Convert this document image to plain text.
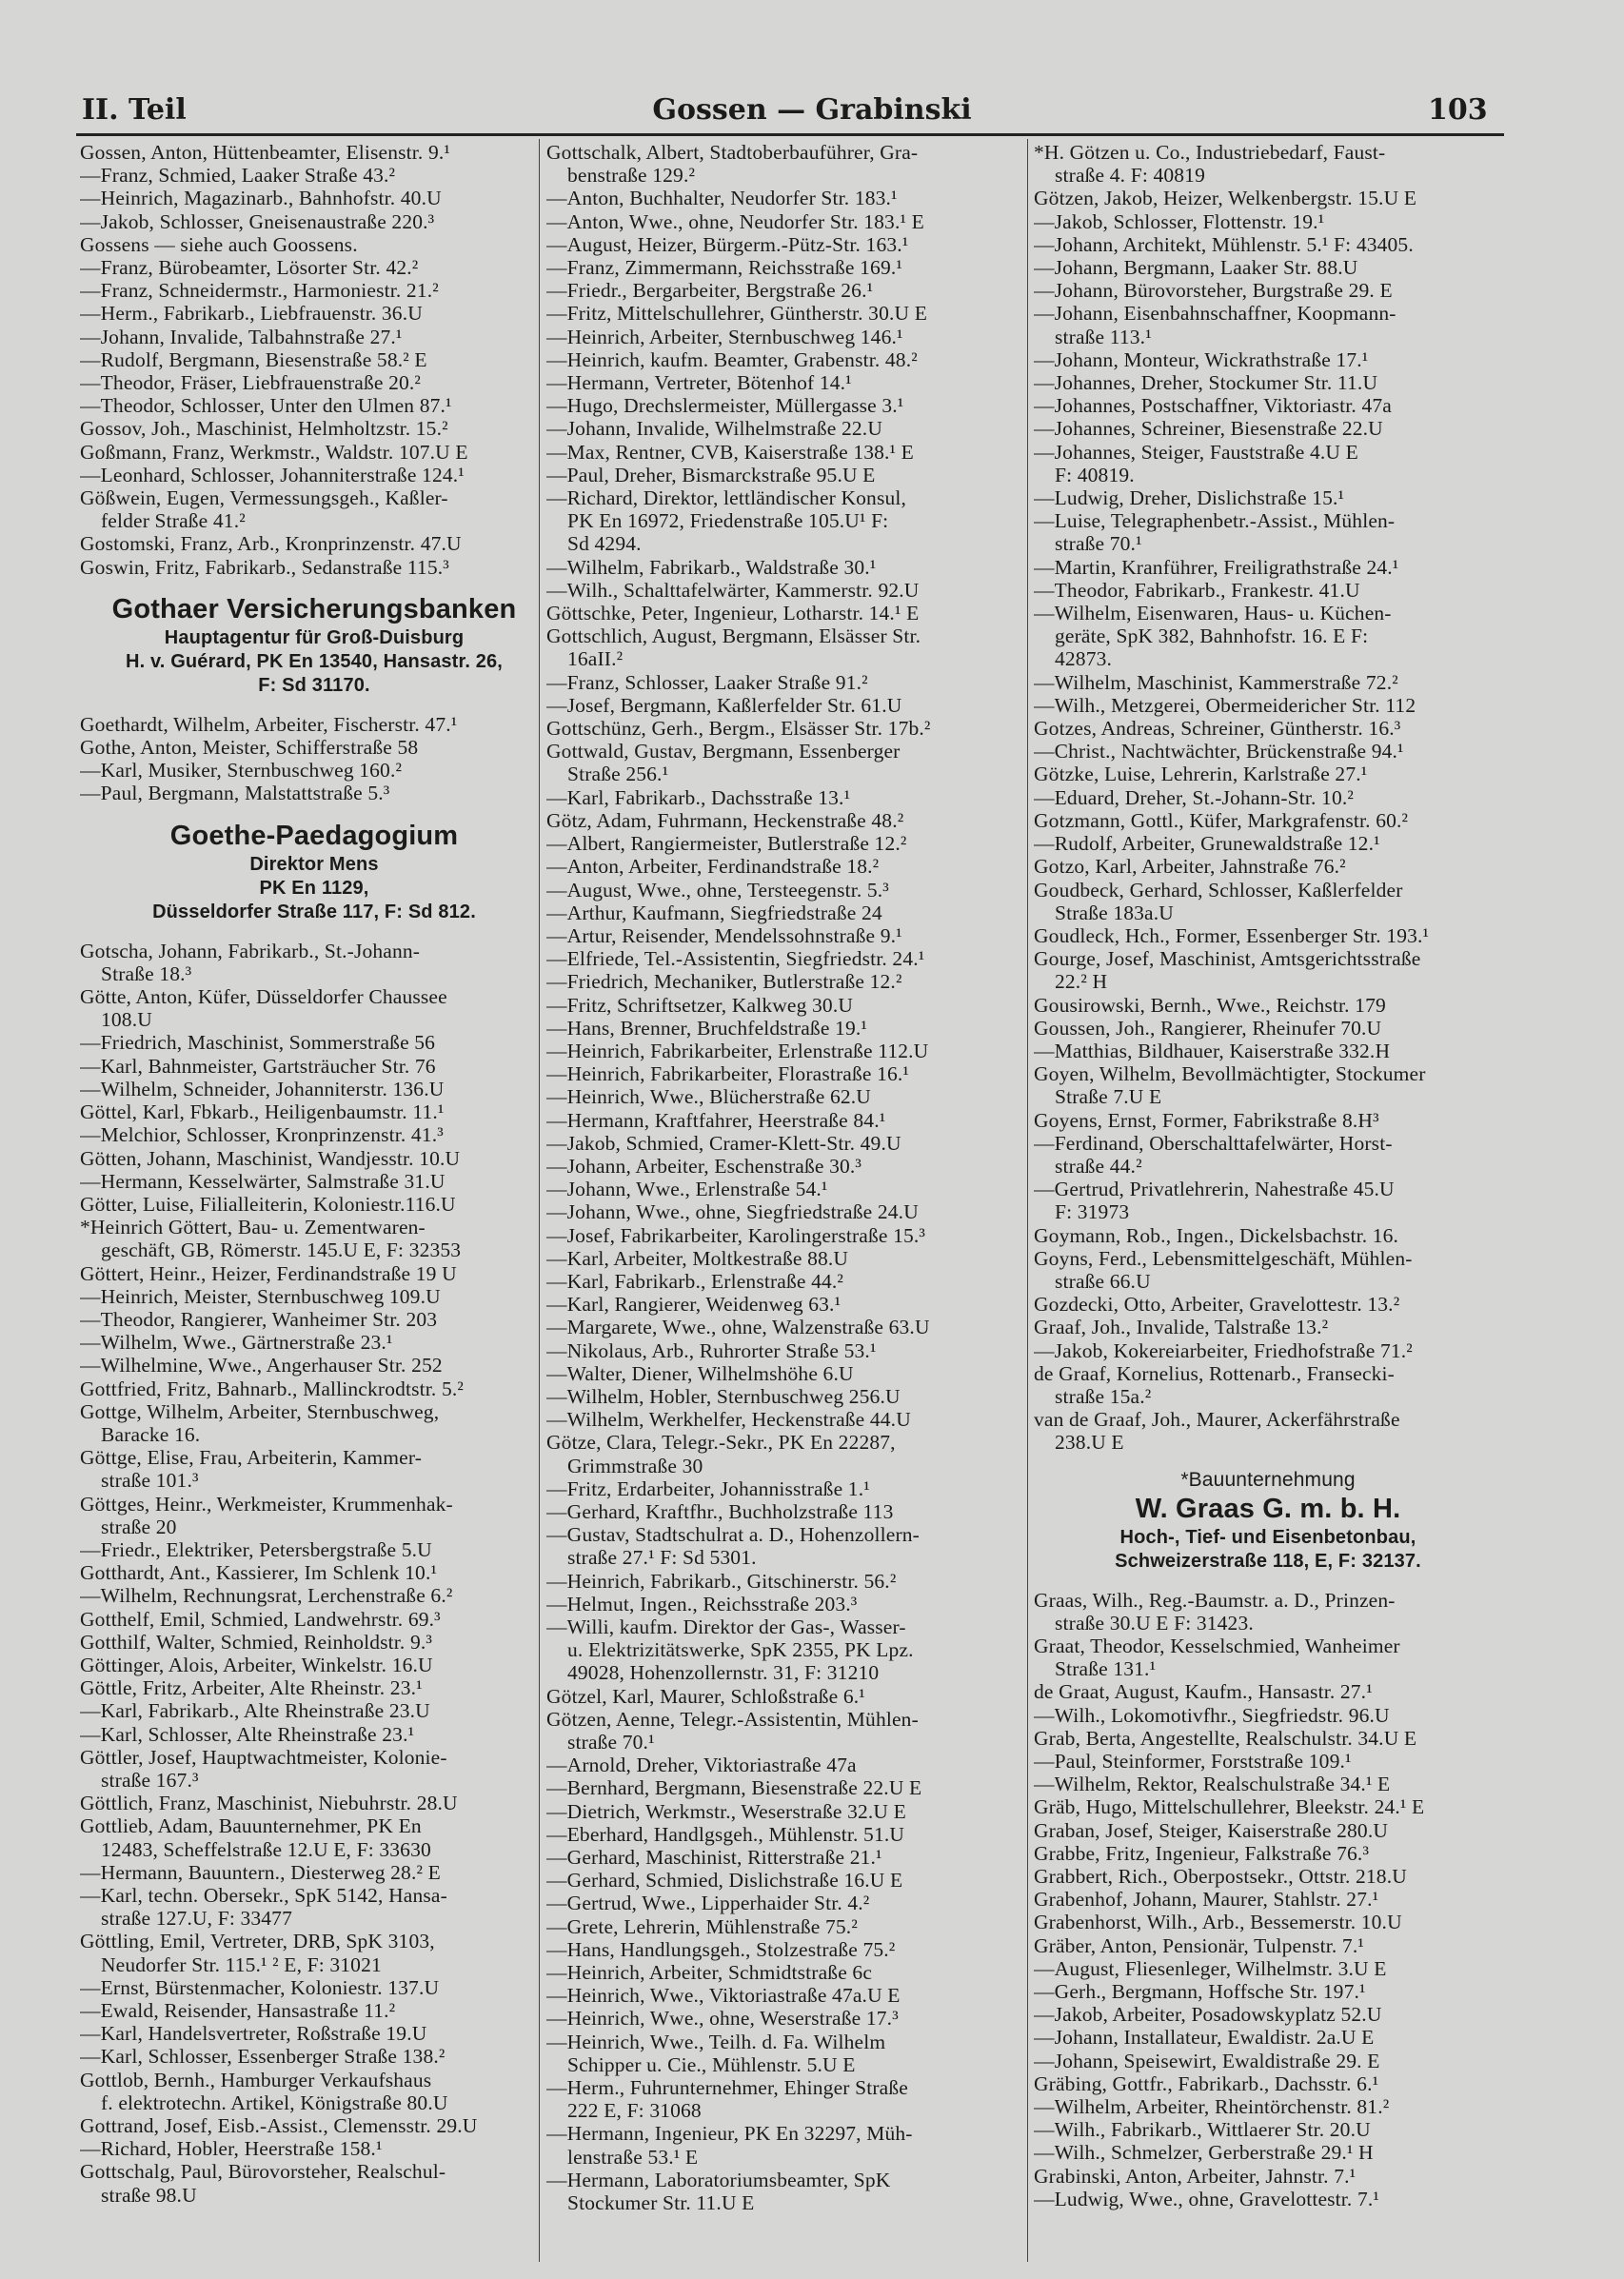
II. Teil	Gossen — Grabinski	103
Gossen, Anton, Hüttenbeamter, Elisenstr. 9.¹
—Franz, Schmied, Laaker Straße 43.²
—Heinrich, Magazinarb., Bahnhofstr. 40.U
—Jakob, Schlosser, Gneisenaustraße 220.³
Gossens — siehe auch Goossens.
—Franz, Bürobeamter, Lösorter Str. 42.²
—Franz, Schneidermstr., Harmoniestr. 21.²
—Herm., Fabrikarb., Liebfrauenstr. 36.U
—Johann, Invalide, Talbahnstraße 27.¹
—Rudolf, Bergmann, Biesenstraße 58.² E
—Theodor, Fräser, Liebfrauenstraße 20.²
—Theodor, Schlosser, Unter den Ulmen 87.¹
Gossov, Joh., Maschinist, Helmholtzstr. 15.²
Goßmann, Franz, Werkmstr., Waldstr. 107.U E
—Leonhard, Schlosser, Johanniterstraße 124.¹
Gößwein, Eugen, Vermessungsgeh., Kaßler-
felder Straße 41.²
Gostomski, Franz, Arb., Kronprinzenstr. 47.U
Goswin, Fritz, Fabrikarb., Sedanstraße 115.³
Gothaer Versicherungsbanken
Hauptagentur für Groß-Duisburg
H. v. Guérard, PK En 13540, Hansastr. 26,
F: Sd 31170.
Goethardt, Wilhelm, Arbeiter, Fischerstr. 47.¹
Gothe, Anton, Meister, Schifferstraße 58
—Karl, Musiker, Sternbuschweg 160.²
—Paul, Bergmann, Malstattstraße 5.³
Goethe-Paedagogium
Direktor Mens
PK En 1129,
Düsseldorfer Straße 117, F: Sd 812.
Gotscha, Johann, Fabrikarb., St.-Johann-
Straße 18.³
Götte, Anton, Küfer, Düsseldorfer Chaussee
108.U
—Friedrich, Maschinist, Sommerstraße 56
—Karl, Bahnmeister, Gartsträucher Str. 76
—Wilhelm, Schneider, Johanniterstr. 136.U
Göttel, Karl, Fbkarb., Heiligenbaumstr. 11.¹
—Melchior, Schlosser, Kronprinzenstr. 41.³
Götten, Johann, Maschinist, Wandjesstr. 10.U
—Hermann, Kesselwärter, Salmstraße 31.U
Götter, Luise, Filialleiterin, Koloniestr.116.U
*Heinrich Göttert, Bau- u. Zementwaren-
geschäft, GB, Römerstr. 145.U E, F: 32353
Göttert, Heinr., Heizer, Ferdinandstraße 19 U
—Heinrich, Meister, Sternbuschweg 109.U
—Theodor, Rangierer, Wanheimer Str. 203
—Wilhelm, Wwe., Gärtnerstraße 23.¹
—Wilhelmine, Wwe., Angerhauser Str. 252
Gottfried, Fritz, Bahnarb., Mallinckrodtstr. 5.²
Gottge, Wilhelm, Arbeiter, Sternbuschweg,
Baracke 16.
Göttge, Elise, Frau, Arbeiterin, Kammer-
straße 101.³
Göttges, Heinr., Werkmeister, Krummenhak-
straße 20
—Friedr., Elektriker, Petersbergstraße 5.U
Gotthardt, Ant., Kassierer, Im Schlenk 10.¹
—Wilhelm, Rechnungsrat, Lerchenstraße 6.²
Gotthelf, Emil, Schmied, Landwehrstr. 69.³
Gotthilf, Walter, Schmied, Reinholdstr. 9.³
Göttinger, Alois, Arbeiter, Winkelstr. 16.U
Göttle, Fritz, Arbeiter, Alte Rheinstr. 23.¹
—Karl, Fabrikarb., Alte Rheinstraße 23.U
—Karl, Schlosser, Alte Rheinstraße 23.¹
Göttler, Josef, Hauptwachtmeister, Kolonie-
straße 167.³
Göttlich, Franz, Maschinist, Niebuhrstr. 28.U
Gottlieb, Adam, Bauunternehmer, PK En
12483, Scheffelstraße 12.U E, F: 33630
—Hermann, Bauuntern., Diesterweg 28.² E
—Karl, techn. Obersekr., SpK 5142, Hansa-
straße 127.U, F: 33477
Göttling, Emil, Vertreter, DRB, SpK 3103,
Neudorfer Str. 115.¹ ² E, F: 31021
—Ernst, Bürstenmacher, Koloniestr. 137.U
—Ewald, Reisender, Hansastraße 11.²
—Karl, Handelsvertreter, Roßstraße 19.U
—Karl, Schlosser, Essenberger Straße 138.²
Gottlob, Bernh., Hamburger Verkaufshaus
f. elektrotechn. Artikel, Königstraße 80.U
Gottrand, Josef, Eisb.-Assist., Clemensstr. 29.U
—Richard, Hobler, Heerstraße 158.¹
Gottschalg, Paul, Bürovorsteher, Realschul-
straße 98.U
Gottschalk, Albert, Stadtoberbauführer, Gra-
benstraße 129.²
—Anton, Buchhalter, Neudorfer Str. 183.¹
—Anton, Wwe., ohne, Neudorfer Str. 183.¹ E
—August, Heizer, Bürgerm.-Pütz-Str. 163.¹
—Franz, Zimmermann, Reichsstraße 169.¹
—Friedr., Bergarbeiter, Bergstraße 26.¹
—Fritz, Mittelschullehrer, Güntherstr. 30.U E
—Heinrich, Arbeiter, Sternbuschweg 146.¹
—Heinrich, kaufm. Beamter, Grabenstr. 48.²
—Hermann, Vertreter, Bötenhof 14.¹
—Hugo, Drechslermeister, Müllergasse 3.¹
—Johann, Invalide, Wilhelmstraße 22.U
—Max, Rentner, CVB, Kaiserstraße 138.¹ E
—Paul, Dreher, Bismarckstraße 95.U E
—Richard, Direktor, lettländischer Konsul,
PK En 16972, Friedenstraße 105.U¹ F:
Sd 4294.
—Wilhelm, Fabrikarb., Waldstraße 30.¹
—Wilh., Schalttafelwärter, Kammerstr. 92.U
Göttschke, Peter, Ingenieur, Lotharstr. 14.¹ E
Gottschlich, August, Bergmann, Elsässer Str.
16aII.²
—Franz, Schlosser, Laaker Straße 91.²
—Josef, Bergmann, Kaßlerfelder Str. 61.U
Gottschünz, Gerh., Bergm., Elsässer Str. 17b.²
Gottwald, Gustav, Bergmann, Essenberger
Straße 256.¹
—Karl, Fabrikarb., Dachsstraße 13.¹
Götz, Adam, Fuhrmann, Heckenstraße 48.²
—Albert, Rangiermeister, Butlerstraße 12.²
—Anton, Arbeiter, Ferdinandstraße 18.²
—August, Wwe., ohne, Tersteegenstr. 5.³
—Arthur, Kaufmann, Siegfriedstraße 24
—Artur, Reisender, Mendelssohnstraße 9.¹
—Elfriede, Tel.-Assistentin, Siegfriedstr. 24.¹
—Friedrich, Mechaniker, Butlerstraße 12.²
—Fritz, Schriftsetzer, Kalkweg 30.U
—Hans, Brenner, Bruchfeldstraße 19.¹
—Heinrich, Fabrikarbeiter, Erlenstraße 112.U
—Heinrich, Fabrikarbeiter, Florastraße 16.¹
—Heinrich, Wwe., Blücherstraße 62.U
—Hermann, Kraftfahrer, Heerstraße 84.¹
—Jakob, Schmied, Cramer-Klett-Str. 49.U
—Johann, Arbeiter, Eschenstraße 30.³
—Johann, Wwe., Erlenstraße 54.¹
—Johann, Wwe., ohne, Siegfriedstraße 24.U
—Josef, Fabrikarbeiter, Karolingerstraße 15.³
—Karl, Arbeiter, Moltkestraße 88.U
—Karl, Fabrikarb., Erlenstraße 44.²
—Karl, Rangierer, Weidenweg 63.¹
—Margarete, Wwe., ohne, Walzenstraße 63.U
—Nikolaus, Arb., Ruhrorter Straße 53.¹
—Walter, Diener, Wilhelmshöhe 6.U
—Wilhelm, Hobler, Sternbuschweg 256.U
—Wilhelm, Werkhelfer, Heckenstraße 44.U
Götze, Clara, Telegr.-Sekr., PK En 22287,
Grimmstraße 30
—Fritz, Erdarbeiter, Johannisstraße 1.¹
—Gerhard, Kraftfhr., Buchholzstraße 113
—Gustav, Stadtschulrat a. D., Hohenzollern-
straße 27.¹ F: Sd 5301.
—Heinrich, Fabrikarb., Gitschinerstr. 56.²
—Helmut, Ingen., Reichsstraße 203.³
—Willi, kaufm. Direktor der Gas-, Wasser-
u. Elektrizitätswerke, SpK 2355, PK Lpz.
49028, Hohenzollernstr. 31, F: 31210
Götzel, Karl, Maurer, Schloßstraße 6.¹
Götzen, Aenne, Telegr.-Assistentin, Mühlen-
straße 70.¹
—Arnold, Dreher, Viktoriastraße 47a
—Bernhard, Bergmann, Biesenstraße 22.U E
—Dietrich, Werkmstr., Weserstraße 32.U E
—Eberhard, Handlgsgeh., Mühlenstr. 51.U
—Gerhard, Maschinist, Ritterstraße 21.¹
—Gerhard, Schmied, Dislichstraße 16.U E
—Gertrud, Wwe., Lipperhaider Str. 4.²
—Grete, Lehrerin, Mühlenstraße 75.²
—Hans, Handlungsgeh., Stolzestraße 75.²
—Heinrich, Arbeiter, Schmidtstraße 6c
—Heinrich, Wwe., Viktoriastraße 47a.U E
—Heinrich, Wwe., ohne, Weserstraße 17.³
—Heinrich, Wwe., Teilh. d. Fa. Wilhelm
Schipper u. Cie., Mühlenstr. 5.U E
—Herm., Fuhrunternehmer, Ehinger Straße
222 E, F: 31068
—Hermann, Ingenieur, PK En 32297, Müh-
lenstraße 53.¹ E
—Hermann, Laboratoriumsbeamter, SpK
Stockumer Str. 11.U E
*H. Götzen u. Co., Industriebedarf, Faust-
straße 4. F: 40819
Götzen, Jakob, Heizer, Welkenbergstr. 15.U E
—Jakob, Schlosser, Flottenstr. 19.¹
—Johann, Architekt, Mühlenstr. 5.¹ F: 43405.
—Johann, Bergmann, Laaker Str. 88.U
—Johann, Bürovorsteher, Burgstraße 29. E
—Johann, Eisenbahnschaffner, Koopmann-
straße 113.¹
—Johann, Monteur, Wickrathstraße 17.¹
—Johannes, Dreher, Stockumer Str. 11.U
—Johannes, Postschaffner, Viktoriastr. 47a
—Johannes, Schreiner, Biesenstraße 22.U
—Johannes, Steiger, Fauststraße 4.U E
F: 40819.
—Ludwig, Dreher, Dislichstraße 15.¹
—Luise, Telegraphenbetr.-Assist., Mühlen-
straße 70.¹
—Martin, Kranführer, Freiligrathstraße 24.¹
—Theodor, Fabrikarb., Frankestr. 41.U
—Wilhelm, Eisenwaren, Haus- u. Küchen-
geräte, SpK 382, Bahnhofstr. 16. E F:
42873.
—Wilhelm, Maschinist, Kammerstraße 72.²
—Wilh., Metzgerei, Obermeidericher Str. 112
Gotzes, Andreas, Schreiner, Güntherstr. 16.³
—Christ., Nachtwächter, Brückenstraße 94.¹
Götzke, Luise, Lehrerin, Karlstraße 27.¹
—Eduard, Dreher, St.-Johann-Str. 10.²
Gotzmann, Gottl., Küfer, Markgrafenstr. 60.²
—Rudolf, Arbeiter, Grunewaldstraße 12.¹
Gotzo, Karl, Arbeiter, Jahnstraße 76.²
Goudbeck, Gerhard, Schlosser, Kaßlerfelder
Straße 183a.U
Goudleck, Hch., Former, Essenberger Str. 193.¹
Gourge, Josef, Maschinist, Amtsgerichtsstraße
22.² H
Gousirowski, Bernh., Wwe., Reichstr. 179
Goussen, Joh., Rangierer, Rheinufer 70.U
—Matthias, Bildhauer, Kaiserstraße 332.H
Goyen, Wilhelm, Bevollmächtigter, Stockumer
Straße 7.U E
Goyens, Ernst, Former, Fabrikstraße 8.H³
—Ferdinand, Oberschalttafelwärter, Horst-
straße 44.²
—Gertrud, Privatlehrerin, Nahestraße 45.U
F: 31973
Goymann, Rob., Ingen., Dickelsbachstr. 16.
Goyns, Ferd., Lebensmittelgeschäft, Mühlen-
straße 66.U
Gozdecki, Otto, Arbeiter, Gravelottestr. 13.²
Graaf, Joh., Invalide, Talstraße 13.²
—Jakob, Kokereiarbeiter, Friedhofstraße 71.²
de Graaf, Kornelius, Rottenarb., Fransecki-
straße 15a.²
van de Graaf, Joh., Maurer, Ackerfährstraße
238.U E
*Bauunternehmung
W. Graas G. m. b. H.
Hoch-, Tief- und Eisenbetonbau,
Schweizerstraße 118, E, F: 32137.
Graas, Wilh., Reg.-Baumstr. a. D., Prinzen-
straße 30.U E F: 31423.
Graat, Theodor, Kesselschmied, Wanheimer
Straße 131.¹
de Graat, August, Kaufm., Hansastr. 27.¹
—Wilh., Lokomotivfhr., Siegfriedstr. 96.U
Grab, Berta, Angestellte, Realschulstr. 34.U E
—Paul, Steinformer, Forststraße 109.¹
—Wilhelm, Rektor, Realschulstraße 34.¹ E
Gräb, Hugo, Mittelschullehrer, Bleekstr. 24.¹ E
Graban, Josef, Steiger, Kaiserstraße 280.U
Grabbe, Fritz, Ingenieur, Falkstraße 76.³
Grabbert, Rich., Oberpostsekr., Ottstr. 218.U
Grabenhof, Johann, Maurer, Stahlstr. 27.¹
Grabenhorst, Wilh., Arb., Bessemerstr. 10.U
Gräber, Anton, Pensionär, Tulpenstr. 7.¹
—August, Fliesenleger, Wilhelmstr. 3.U E
—Gerh., Bergmann, Hoffsche Str. 197.¹
—Jakob, Arbeiter, Posadowskyplatz 52.U
—Johann, Installateur, Ewaldistr. 2a.U E
—Johann, Speisewirt, Ewaldistraße 29. E
Gräbing, Gottfr., Fabrikarb., Dachsstr. 6.¹
—Wilhelm, Arbeiter, Rheintörchenstr. 81.²
—Wilh., Fabrikarb., Wittlaerer Str. 20.U
—Wilh., Schmelzer, Gerberstraße 29.¹ H
Grabinski, Anton, Arbeiter, Jahnstr. 7.¹
—Ludwig, Wwe., ohne, Gravelottestr. 7.¹
